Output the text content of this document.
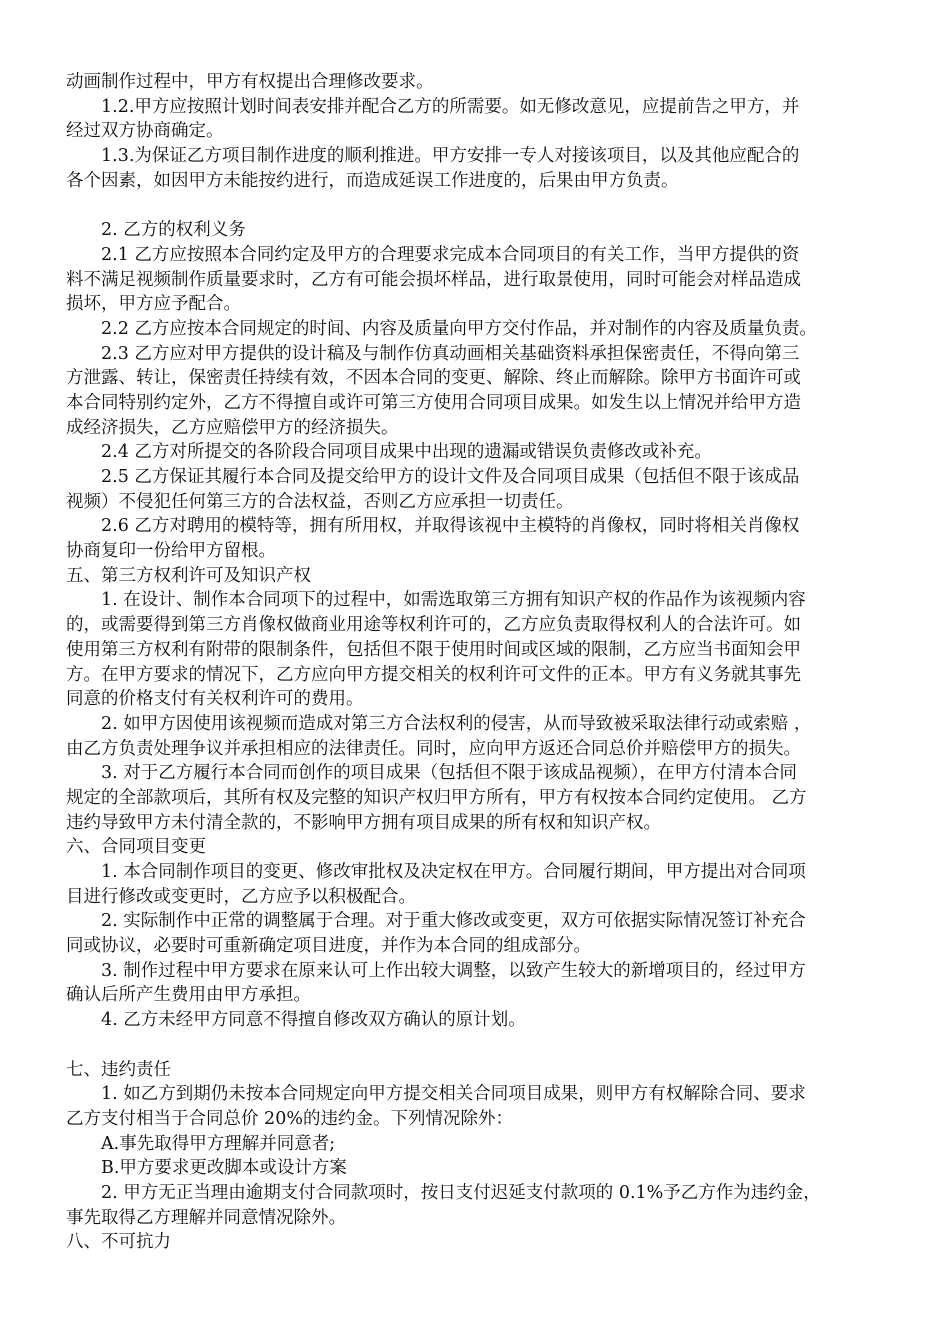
动画制作过程中，甲方有权提出合理修改要求。
1.2.甲方应按照计划时间表安排并配合乙方的所需要。如无修改意见，应提前告之甲方，并
经过双方协商确定。
1.3.为保证乙方项目制作进度的顺利推进。甲方安排一专人对接该项目，以及其他应配合的
各个因素，如因甲方未能按约进行，而造成延误工作进度的，后果由甲方负责。
2. 乙方的权利义务
2.1 乙方应按照本合同约定及甲方的合理要求完成本合同项目的有关工作，当甲方提供的资
料不满足视频制作质量要求时，乙方有可能会损坏样品，进行取景使用，同时可能会对样品造成
损坏，甲方应予配合。
2.2 乙方应按本合同规定的时间、内容及质量向甲方交付作品，并对制作的内容及质量负责。
2.3 乙方应对甲方提供的设计稿及与制作仿真动画相关基础资料承担保密责任，不得向第三
方泄露、转让，保密责任持续有效，不因本合同的变更、解除、终止而解除。除甲方书面许可或
本合同特别约定外，乙方不得擅自或许可第三方使用合同项目成果。如发生以上情况并给甲方造
成经济损失，乙方应赔偿甲方的经济损失。
2.4 乙方对所提交的各阶段合同项目成果中出现的遗漏或错误负责修改或补充。
2.5 乙方保证其履行本合同及提交给甲方的设计文件及合同项目成果（包括但不限于该成品
视频）不侵犯任何第三方的合法权益，否则乙方应承担一切责任。
2.6 乙方对聘用的模特等，拥有所用权，并取得该视中主模特的肖像权，同时将相关肖像权
协商复印一份给甲方留根。
五、第三方权利许可及知识产权
1. 在设计、制作本合同项下的过程中，如需选取第三方拥有知识产权的作品作为该视频内容
的，或需要得到第三方肖像权做商业用途等权利许可的，乙方应负责取得权利人的合法许可。如
使用第三方权利有附带的限制条件，包括但不限于使用时间或区域的限制，乙方应当书面知会甲
方。在甲方要求的情况下，乙方应向甲方提交相关的权利许可文件的正本。甲方有义务就其事先
同意的价格支付有关权利许可的费用。
2. 如甲方因使用该视频而造成对第三方合法权利的侵害，从而导致被采取法律行动或索赔 ，
由乙方负责处理争议并承担相应的法律责任。同时，应向甲方返还合同总价并赔偿甲方的损失。
3. 对于乙方履行本合同而创作的项目成果（包括但不限于该成品视频），在甲方付清本合同
规定的全部款项后，其所有权及完整的知识产权归甲方所有，甲方有权按本合同约定使用。 乙方
违约导致甲方未付清全款的，不影响甲方拥有项目成果的所有权和知识产权。
六、合同项目变更
1. 本合同制作项目的变更、修改审批权及决定权在甲方。合同履行期间，甲方提出对合同项
目进行修改或变更时，乙方应予以积极配合。
2. 实际制作中正常的调整属于合理。对于重大修改或变更，双方可依据实际情况签订补充合
同或协议，必要时可重新确定项目进度，并作为本合同的组成部分。
3. 制作过程中甲方要求在原来认可上作出较大调整，以致产生较大的新增项目的，经过甲方
确认后所产生费用由甲方承担。
4. 乙方未经甲方同意不得擅自修改双方确认的原计划。
七、违约责任
1. 如乙方到期仍未按本合同规定向甲方提交相关合同项目成果，则甲方有权解除合同、要求
乙方支付相当于合同总价 20%的违约金。下列情况除外：
A.事先取得甲方理解并同意者;
B.甲方要求更改脚本或设计方案
2. 甲方无正当理由逾期支付合同款项时，按日支付迟延支付款项的 0.1%予乙方作为违约金，
事先取得乙方理解并同意情况除外。
八、不可抗力
